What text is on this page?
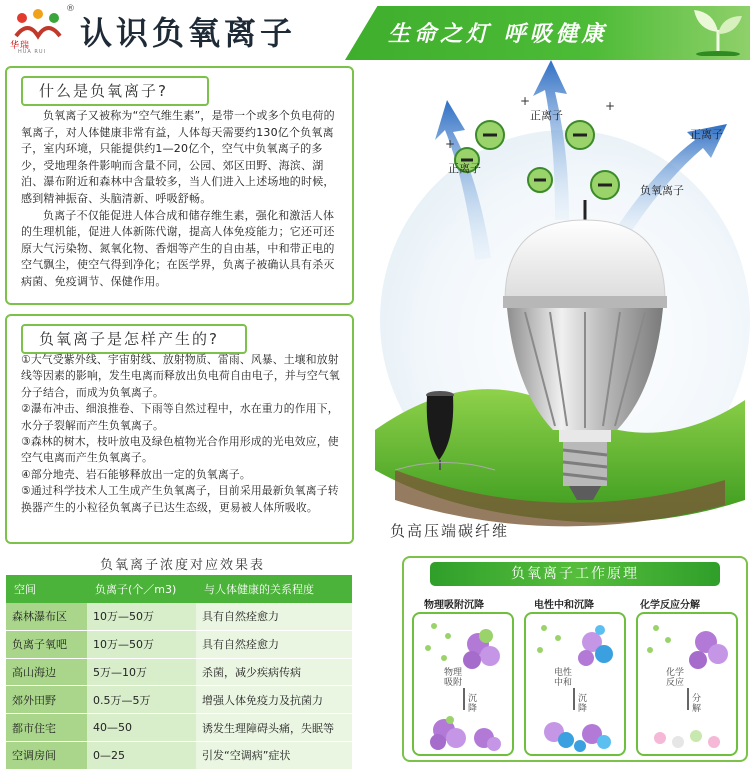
华瑞
HUA RUI
®
认识负氧离子	生命之灯 呼吸健康
什么是负氧离子?

负氧离子又被称为“空气维生素”，是带一个或多个负电荷的氧离子，对人体健康非常有益，人体每天需要约130亿个负氧离子，室内环境，只能提供约1—20亿个，空气中负氧离子的多少，受地理条件影响而含量不同，公园、郊区田野、海滨、湖泊、瀑布附近和森林中含量较多，当人们进入上述场地的时候，感到精神振奋、头脑清新、呼吸舒畅。

负离子不仅能促进人体合成和储存维生素，强化和激活人体的生理机能，促进人体新陈代谢，提高人体免疫能力；它还可还原大气污染物、氮氧化物、香烟等产生的自由基，中和带正电的空气飘尘，使空气得到净化；在医学界，负离子被确认具有杀灭病菌、免疫调节、保健作用。

负氧离子是怎样产生的?

①大气受紫外线、宇宙射线、放射物质、雷雨、风暴、土壤和放射线等因素的影响，发生电离而释放出负电荷自由电子，并与空气氧分子结合，而成为负氧离子。

②瀑布冲击、细浪推卷、下雨等自然过程中，水在重力的作用下，水分子裂解而产生负氧离子。

③森林的树木，枝叶放电及绿色植物光合作用形成的光电效应，使空气电离而产生负氧离子。

④部分地壳、岩石能够释放出一定的负氧离子。

⑤通过科学技术人工生成产生负氧离子，目前采用最新负氧离子转换器产生的小粒径负氧离子已达生态级，更易被人体所吸收。

+
+
+
正离子
正离子
正离子
负氧离子
负高压端碳纤维
负氧离子浓度对应效果表
空间	负离子(个／m3)	与人体健康的关系程度
森林瀑布区	10万—50万	具有自然痊愈力
负离子氧吧	10万—50万	具有自然痊愈力
高山海边	5万—10万	杀菌，减少疾病传病
郊外田野	0.5万—5万	增强人体免疫力及抗菌力
都市住宅	40—50	诱发生理障碍头痛，失眠等
空调房间	0—25	引发“空调病”症状
负氧离子工作原理
物理吸附沉降	电性中和沉降	化学反应分解
物理吸附
沉降
电性中和
沉降
化学反应
分解
